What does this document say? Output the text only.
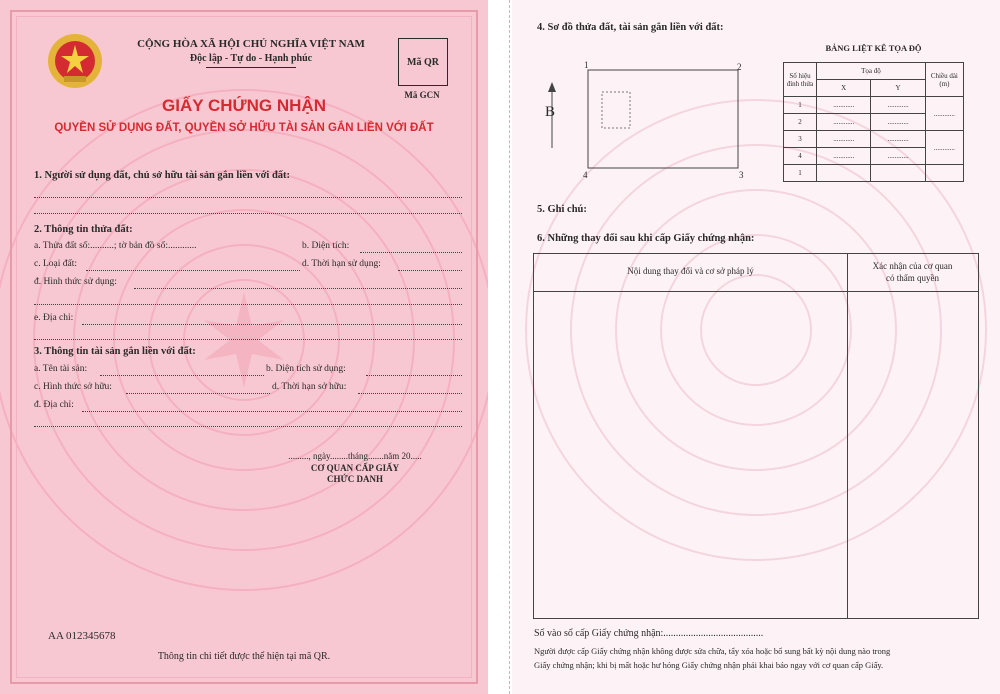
CỘNG HÒA XÃ HỘI CHỦ NGHĨA VIỆT NAM
Độc lập - Tự do - Hạnh phúc	Mã QR
Mã GCN
GIẤY CHỨNG NHẬN
QUYỀN SỬ DỤNG ĐẤT, QUYỀN SỞ HỮU TÀI SẢN GẮN LIỀN VỚI ĐẤT
1. Người sử dụng đất, chủ sở hữu tài sản gắn liền với đất:
2. Thông tin thửa đất:
a. Thửa đất số:..........; tờ bản đồ số:............	b. Diện tích:
c. Loại đất:	d. Thời hạn sử dụng:
đ. Hình thức sử dụng:
e. Địa chỉ:
3. Thông tin tài sản gắn liền với đất:
a. Tên tài sản:	b. Diện tích sử dụng:
c. Hình thức sở hữu:	d. Thời hạn sở hữu:
đ. Địa chỉ:
........., ngày........tháng.......năm 20.....
CƠ QUAN CẤP GIẤY
CHỨC DANH
AA 012345678
Thông tin chi tiết được thể hiện tại mã QR.
4. Sơ đồ thửa đất, tài sản gắn liền với đất:
B
1	2
3
4
BẢNG LIỆT KÊ TỌA ĐỘ
Số hiệu đỉnh thửa	Tọa độ		Chiều dài (m)
	X	Y	
1	............	............	............
2	............	............	
3	............	............	............
4	............	............	
1			
5. Ghi chú:
6. Những thay đổi sau khi cấp Giấy chứng nhận:
Nội dung thay đổi và cơ sở pháp lý	Xác nhận của cơ quan
có thẩm quyền
Số vào sổ cấp Giấy chứng nhận:........................................
Người được cấp Giấy chứng nhận không được sửa chữa, tẩy xóa hoặc bổ sung bất kỳ nội dung nào trong
Giấy chứng nhận; khi bị mất hoặc hư hỏng Giấy chứng nhận phải khai báo ngay với cơ quan cấp Giấy.
